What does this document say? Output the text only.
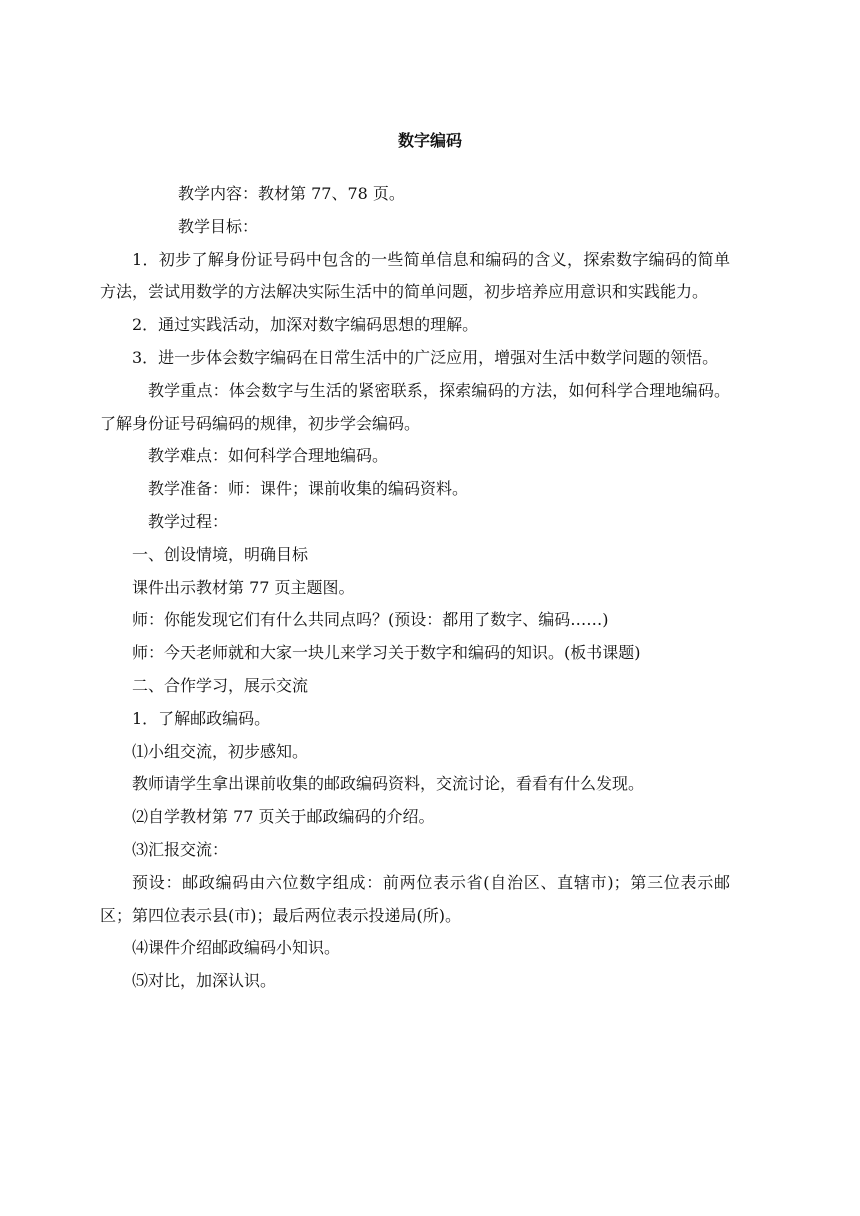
数字编码

教学内容：教材第 77、78 页。

教学目标：

1．初步了解身份证号码中包含的一些简单信息和编码的含义，探索数字编码的简单方法，尝试用数学的方法解决实际生活中的简单问题，初步培养应用意识和实践能力。

2．通过实践活动，加深对数字编码思想的理解。

3．进一步体会数字编码在日常生活中的广泛应用，增强对生活中数学问题的领悟。

教学重点：体会数字与生活的紧密联系，探索编码的方法，如何科学合理地编码。了解身份证号码编码的规律，初步学会编码。

教学难点：如何科学合理地编码。

教学准备：师：课件；课前收集的编码资料。

教学过程：

一、创设情境，明确目标

课件出示教材第 77 页主题图。

师：你能发现它们有什么共同点吗？(预设：都用了数字、编码……)

师：今天老师就和大家一块儿来学习关于数字和编码的知识。(板书课题)

二、合作学习，展示交流

1．了解邮政编码。

⑴小组交流，初步感知。

教师请学生拿出课前收集的邮政编码资料，交流讨论，看看有什么发现。

⑵自学教材第 77 页关于邮政编码的介绍。

⑶汇报交流：

预设：邮政编码由六位数字组成：前两位表示省(自治区、直辖市)；第三位表示邮区；第四位表示县(市)；最后两位表示投递局(所)。

⑷课件介绍邮政编码小知识。

⑸对比，加深认识。
